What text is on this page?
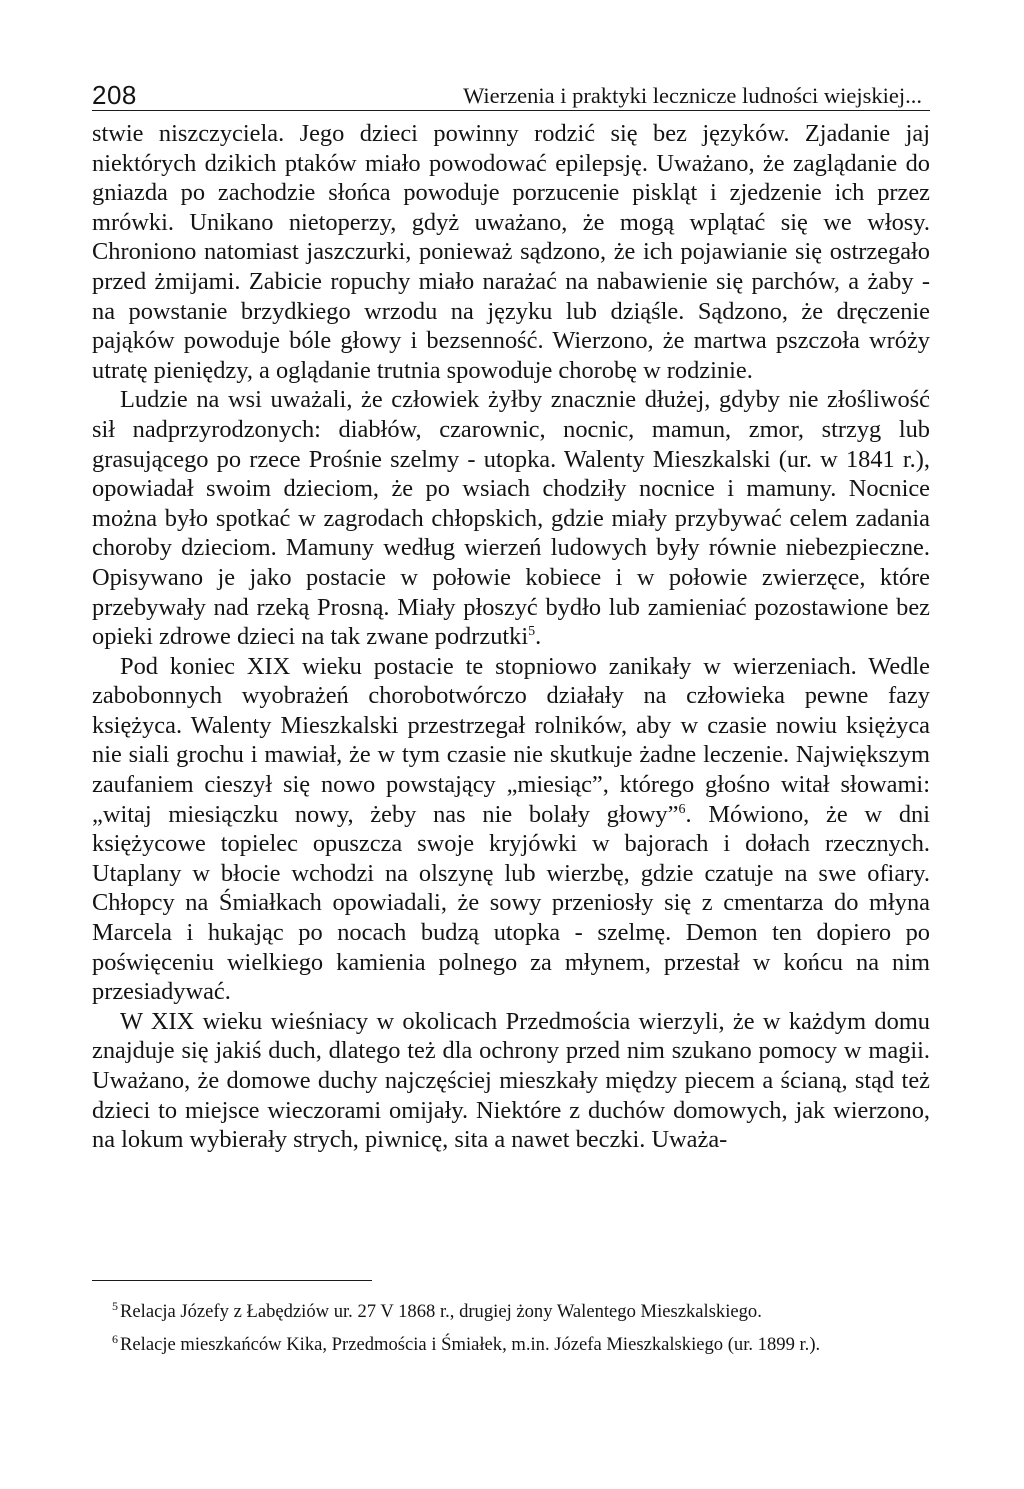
208	Wierzenia i praktyki lecznicze ludności wiejskiej...

stwie niszczyciela. Jego dzieci powinny rodzić się bez języków. Zjadanie jaj niektórych dzikich ptaków miało powodować epilepsję. Uważano, że zaglądanie do gniazda po zachodzie słońca powoduje porzucenie piskląt i zjedzenie ich przez mrówki. Unikano nietoperzy, gdyż uważano, że mogą wplątać się we włosy. Chroniono natomiast jaszczurki, ponieważ sądzono, że ich pojawianie się ostrzegało przed żmijami. Zabicie ropuchy miało narażać na nabawienie się parchów, a żaby - na powstanie brzydkiego wrzodu na języku lub dziąśle. Sądzono, że dręczenie pająków powoduje bóle głowy i bezsenność. Wierzono, że martwa pszczoła wróży utratę pieniędzy, a oglądanie trutnia spowoduje chorobę w rodzinie.

Ludzie na wsi uważali, że człowiek żyłby znacznie dłużej, gdyby nie złośliwość sił nadprzyrodzonych: diabłów, czarownic, nocnic, mamun, zmor, strzyg lub grasującego po rzece Prośnie szelmy - utopka. Walenty Mieszkalski (ur. w 1841 r.), opowiadał swoim dzieciom, że po wsiach chodziły nocnice i mamuny. Nocnice można było spotkać w zagrodach chłopskich, gdzie miały przybywać celem zadania choroby dzieciom. Mamuny według wierzeń ludowych były równie niebezpieczne. Opisywano je jako postacie w połowie kobiece i w połowie zwierzęce, które przebywały nad rzeką Prosną. Miały płoszyć bydło lub zamieniać pozostawione bez opieki zdrowe dzieci na tak zwane podrzutki$^5$.

Pod koniec XIX wieku postacie te stopniowo zanikały w wierzeniach. Wedle zabobonnych wyobrażeń chorobotwórczo działały na człowieka pewne fazy księżyca. Walenty Mieszkalski przestrzegał rolników, aby w czasie nowiu księżyca nie siali grochu i mawiał, że w tym czasie nie skutkuje żadne leczenie. Największym zaufaniem cieszył się nowo powstający „miesiąc”, którego głośno witał słowami: „witaj miesiączku nowy, żeby nas nie bolały głowy”$^6$. Mówiono, że w dni księżycowe topielec opuszcza swoje kryjówki w bajorach i dołach rzecznych. Utaplany w błocie wchodzi na olszynę lub wierzbę, gdzie czatuje na swe ofiary. Chłopcy na Śmiałkach opowiadali, że sowy przeniosły się z cmentarza do młyna Marcela i hukając po nocach budzą utopka - szelmę. Demon ten dopiero po poświęceniu wielkiego kamienia polnego za młynem, przestał w końcu na nim przesiadywać.

W XIX wieku wieśniacy w okolicach Przedmościa wierzyli, że w każdym domu znajduje się jakiś duch, dlatego też dla ochrony przed nim szukano pomocy w magii. Uważano, że domowe duchy najczęściej mieszkały między piecem a ścianą, stąd też dzieci to miejsce wieczorami omijały. Niektóre z duchów domowych, jak wierzono, na lokum wybierały strych, piwnicę, sita a nawet beczki. Uważa-

$^5$ Relacja Józefy z Łabędziów ur. 27 V 1868 r., drugiej żony Walentego Mieszkalskiego.
$^6$ Relacje mieszkańców Kika, Przedmościa i Śmiałek, m.in. Józefa Mieszkalskiego (ur. 1899 r.).
